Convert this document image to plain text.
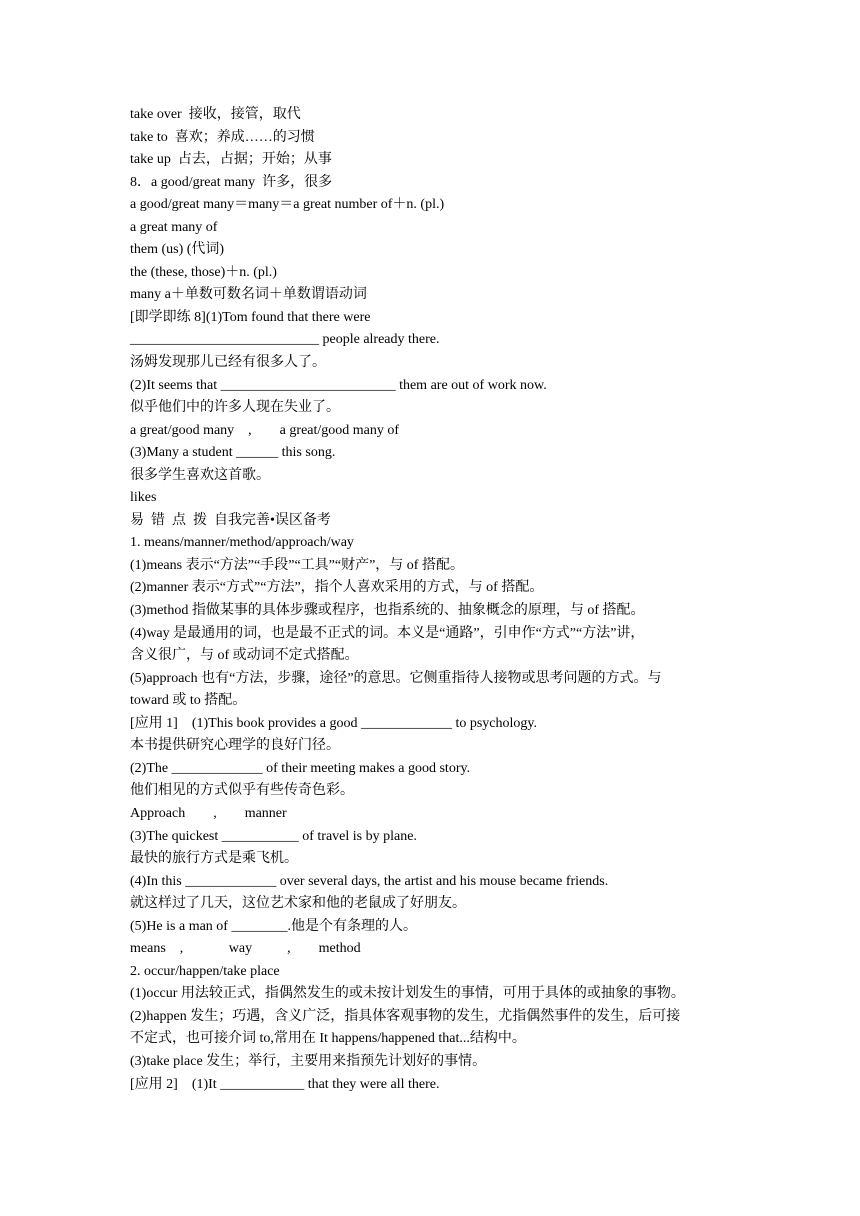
take over  接收，接管，取代
take to  喜欢；养成……的习惯
take up  占去，占据；开始；从事
8．a good/great many  许多，很多
a good/great many＝many＝a great number of＋n. (pl.)
a great many of
them (us) (代词)
the (these, those)＋n. (pl.)
many a＋单数可数名词＋单数谓语动词
[即学即练 8](1)Tom found that there were
___________________________ people already there.
汤姆发现那儿已经有很多人了。
(2)It seems that _________________________ them are out of work now.
似乎他们中的许多人现在失业了。
a great/good many    ,        a great/good many of
(3)Many a student ______ this song.
很多学生喜欢这首歌。
likes
易  错  点  拨  自我完善•误区备考
1. means/manner/method/approach/way
(1)means 表示“方法”“手段”“工具”“财产”，与 of 搭配。
(2)manner 表示“方式”“方法”，指个人喜欢采用的方式，与 of 搭配。
(3)method 指做某事的具体步骤或程序，也指系统的、抽象概念的原理，与 of 搭配。
(4)way 是最通用的词，也是最不正式的词。本义是“通路”，引申作“方式”“方法”讲，
含义很广，与 of 或动词不定式搭配。
(5)approach 也有“方法，步骤，途径”的意思。它侧重指待人接物或思考问题的方式。与
toward 或 to 搭配。
[应用 1]    (1)This book provides a good _____________ to psychology.
本书提供研究心理学的良好门径。
(2)The _____________ of their meeting makes a good story.
他们相见的方式似乎有些传奇色彩。
Approach        ,        manner
(3)The quickest ___________ of travel is by plane.
最快的旅行方式是乘飞机。
(4)In this _____________ over several days, the artist and his mouse became friends.
就这样过了几天，这位艺术家和他的老鼠成了好朋友。
(5)He is a man of ________.他是个有条理的人。
means    ,             way          ,        method
2. occur/happen/take place
(1)occur 用法较正式，指偶然发生的或未按计划发生的事情，可用于具体的或抽象的事物。
(2)happen 发生；巧遇，含义广泛，指具体客观事物的发生，尤指偶然事件的发生，后可接
不定式，也可接介词 to,常用在 It happens/happened that...结构中。
(3)take place 发生；举行，主要用来指预先计划好的事情。
[应用 2]    (1)It ____________ that they were all there.
